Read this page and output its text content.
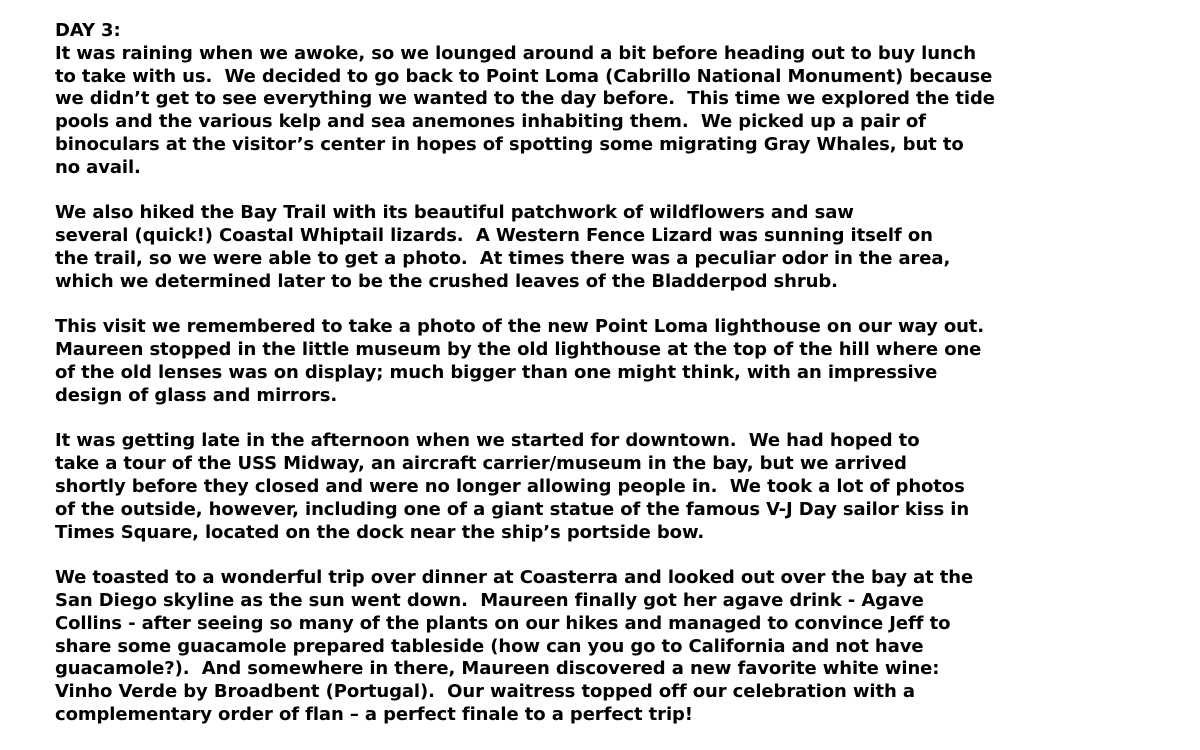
DAY 3:
It was raining when we awoke, so we lounged around a bit before heading out to buy lunch
to take with us.  We decided to go back to Point Loma (Cabrillo National Monument) because
we didn’t get to see everything we wanted to the day before.  This time we explored the tide
pools and the various kelp and sea anemones inhabiting them.  We picked up a pair of
binoculars at the visitor’s center in hopes of spotting some migrating Gray Whales, but to
no avail.
We also hiked the Bay Trail with its beautiful patchwork of wildflowers and saw
several (quick!) Coastal Whiptail lizards.  A Western Fence Lizard was sunning itself on
the trail, so we were able to get a photo.  At times there was a peculiar odor in the area,
which we determined later to be the crushed leaves of the Bladderpod shrub.
This visit we remembered to take a photo of the new Point Loma lighthouse on our way out.
Maureen stopped in the little museum by the old lighthouse at the top of the hill where one
of the old lenses was on display; much bigger than one might think, with an impressive
design of glass and mirrors.
It was getting late in the afternoon when we started for downtown.  We had hoped to
take a tour of the USS Midway, an aircraft carrier/museum in the bay, but we arrived
shortly before they closed and were no longer allowing people in.  We took a lot of photos
of the outside, however, including one of a giant statue of the famous V-J Day sailor kiss in
Times Square, located on the dock near the ship’s portside bow.
We toasted to a wonderful trip over dinner at Coasterra and looked out over the bay at the
San Diego skyline as the sun went down.  Maureen finally got her agave drink - Agave
Collins - after seeing so many of the plants on our hikes and managed to convince Jeff to
share some guacamole prepared tableside (how can you go to California and not have
guacamole?).  And somewhere in there, Maureen discovered a new favorite white wine:
Vinho Verde by Broadbent (Portugal).  Our waitress topped off our celebration with a
complementary order of flan – a perfect finale to a perfect trip!
